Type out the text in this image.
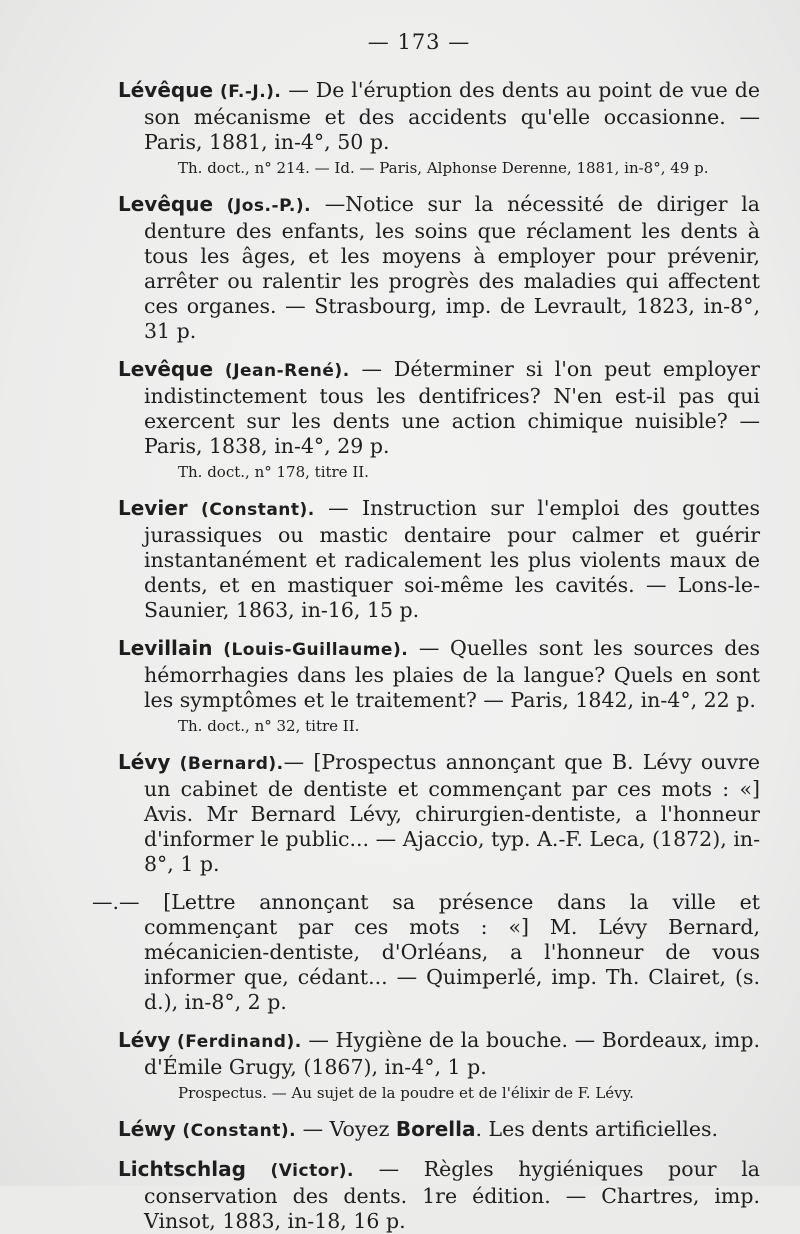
— 173 —
Lévêque (F.-J.). — De l'éruption des dents au point de vue de son mécanisme et des accidents qu'elle occasionne. — Paris, 1881, in-4°, 50 p.
Th. doct., n° 214. — Id. — Paris, Alphonse Derenne, 1881, in-8°, 49 p.
Levêque (Jos.-P.). —Notice sur la nécessité de diriger la denture des enfants, les soins que réclament les dents à tous les âges, et les moyens à employer pour prévenir, arrêter ou ralentir les progrès des maladies qui affectent ces organes. — Strasbourg, imp. de Levrault, 1823, in-8°, 31 p.
Levêque (Jean-René). — Déterminer si l'on peut employer indistinctement tous les dentifrices? N'en est-il pas qui exercent sur les dents une action chimique nuisible? — Paris, 1838, in-4°, 29 p.
Th. doct., n° 178, titre II.
Levier (Constant). — Instruction sur l'emploi des gouttes jurassiques ou mastic dentaire pour calmer et guérir instantanément et radicalement les plus violents maux de dents, et en mastiquer soi-même les cavités. — Lons-le-Saunier, 1863, in-16, 15 p.
Levillain (Louis-Guillaume). — Quelles sont les sources des hémorrhagies dans les plaies de la langue? Quels en sont les symptômes et le traitement? — Paris, 1842, in-4°, 22 p.
Th. doct., n° 32, titre II.
Lévy (Bernard).— [Prospectus annonçant que B. Lévy ouvre un cabinet de dentiste et commençant par ces mots : «] Avis. Mr Bernard Lévy, chirurgien-dentiste, a l'honneur d'informer le public... — Ajaccio, typ. A.-F. Leca, (1872), in-8°, 1 p.
—.— [Lettre annonçant sa présence dans la ville et commençant par ces mots : «] M. Lévy Bernard, mécanicien-dentiste, d'Orléans, a l'honneur de vous informer que, cédant... — Quimperlé, imp. Th. Clairet, (s. d.), in-8°, 2 p.
Lévy (Ferdinand). — Hygiène de la bouche. — Bordeaux, imp. d'Émile Grugy, (1867), in-4°, 1 p.
Prospectus. — Au sujet de la poudre et de l'élixir de F. Lévy.
Léwy (Constant). — Voyez Borella. Les dents artificielles.
Lichtschlag (Victor). — Règles hygiéniques pour la conservation des dents. 1re édition. — Chartres, imp. Vinsot, 1883, in-18, 16 p.
